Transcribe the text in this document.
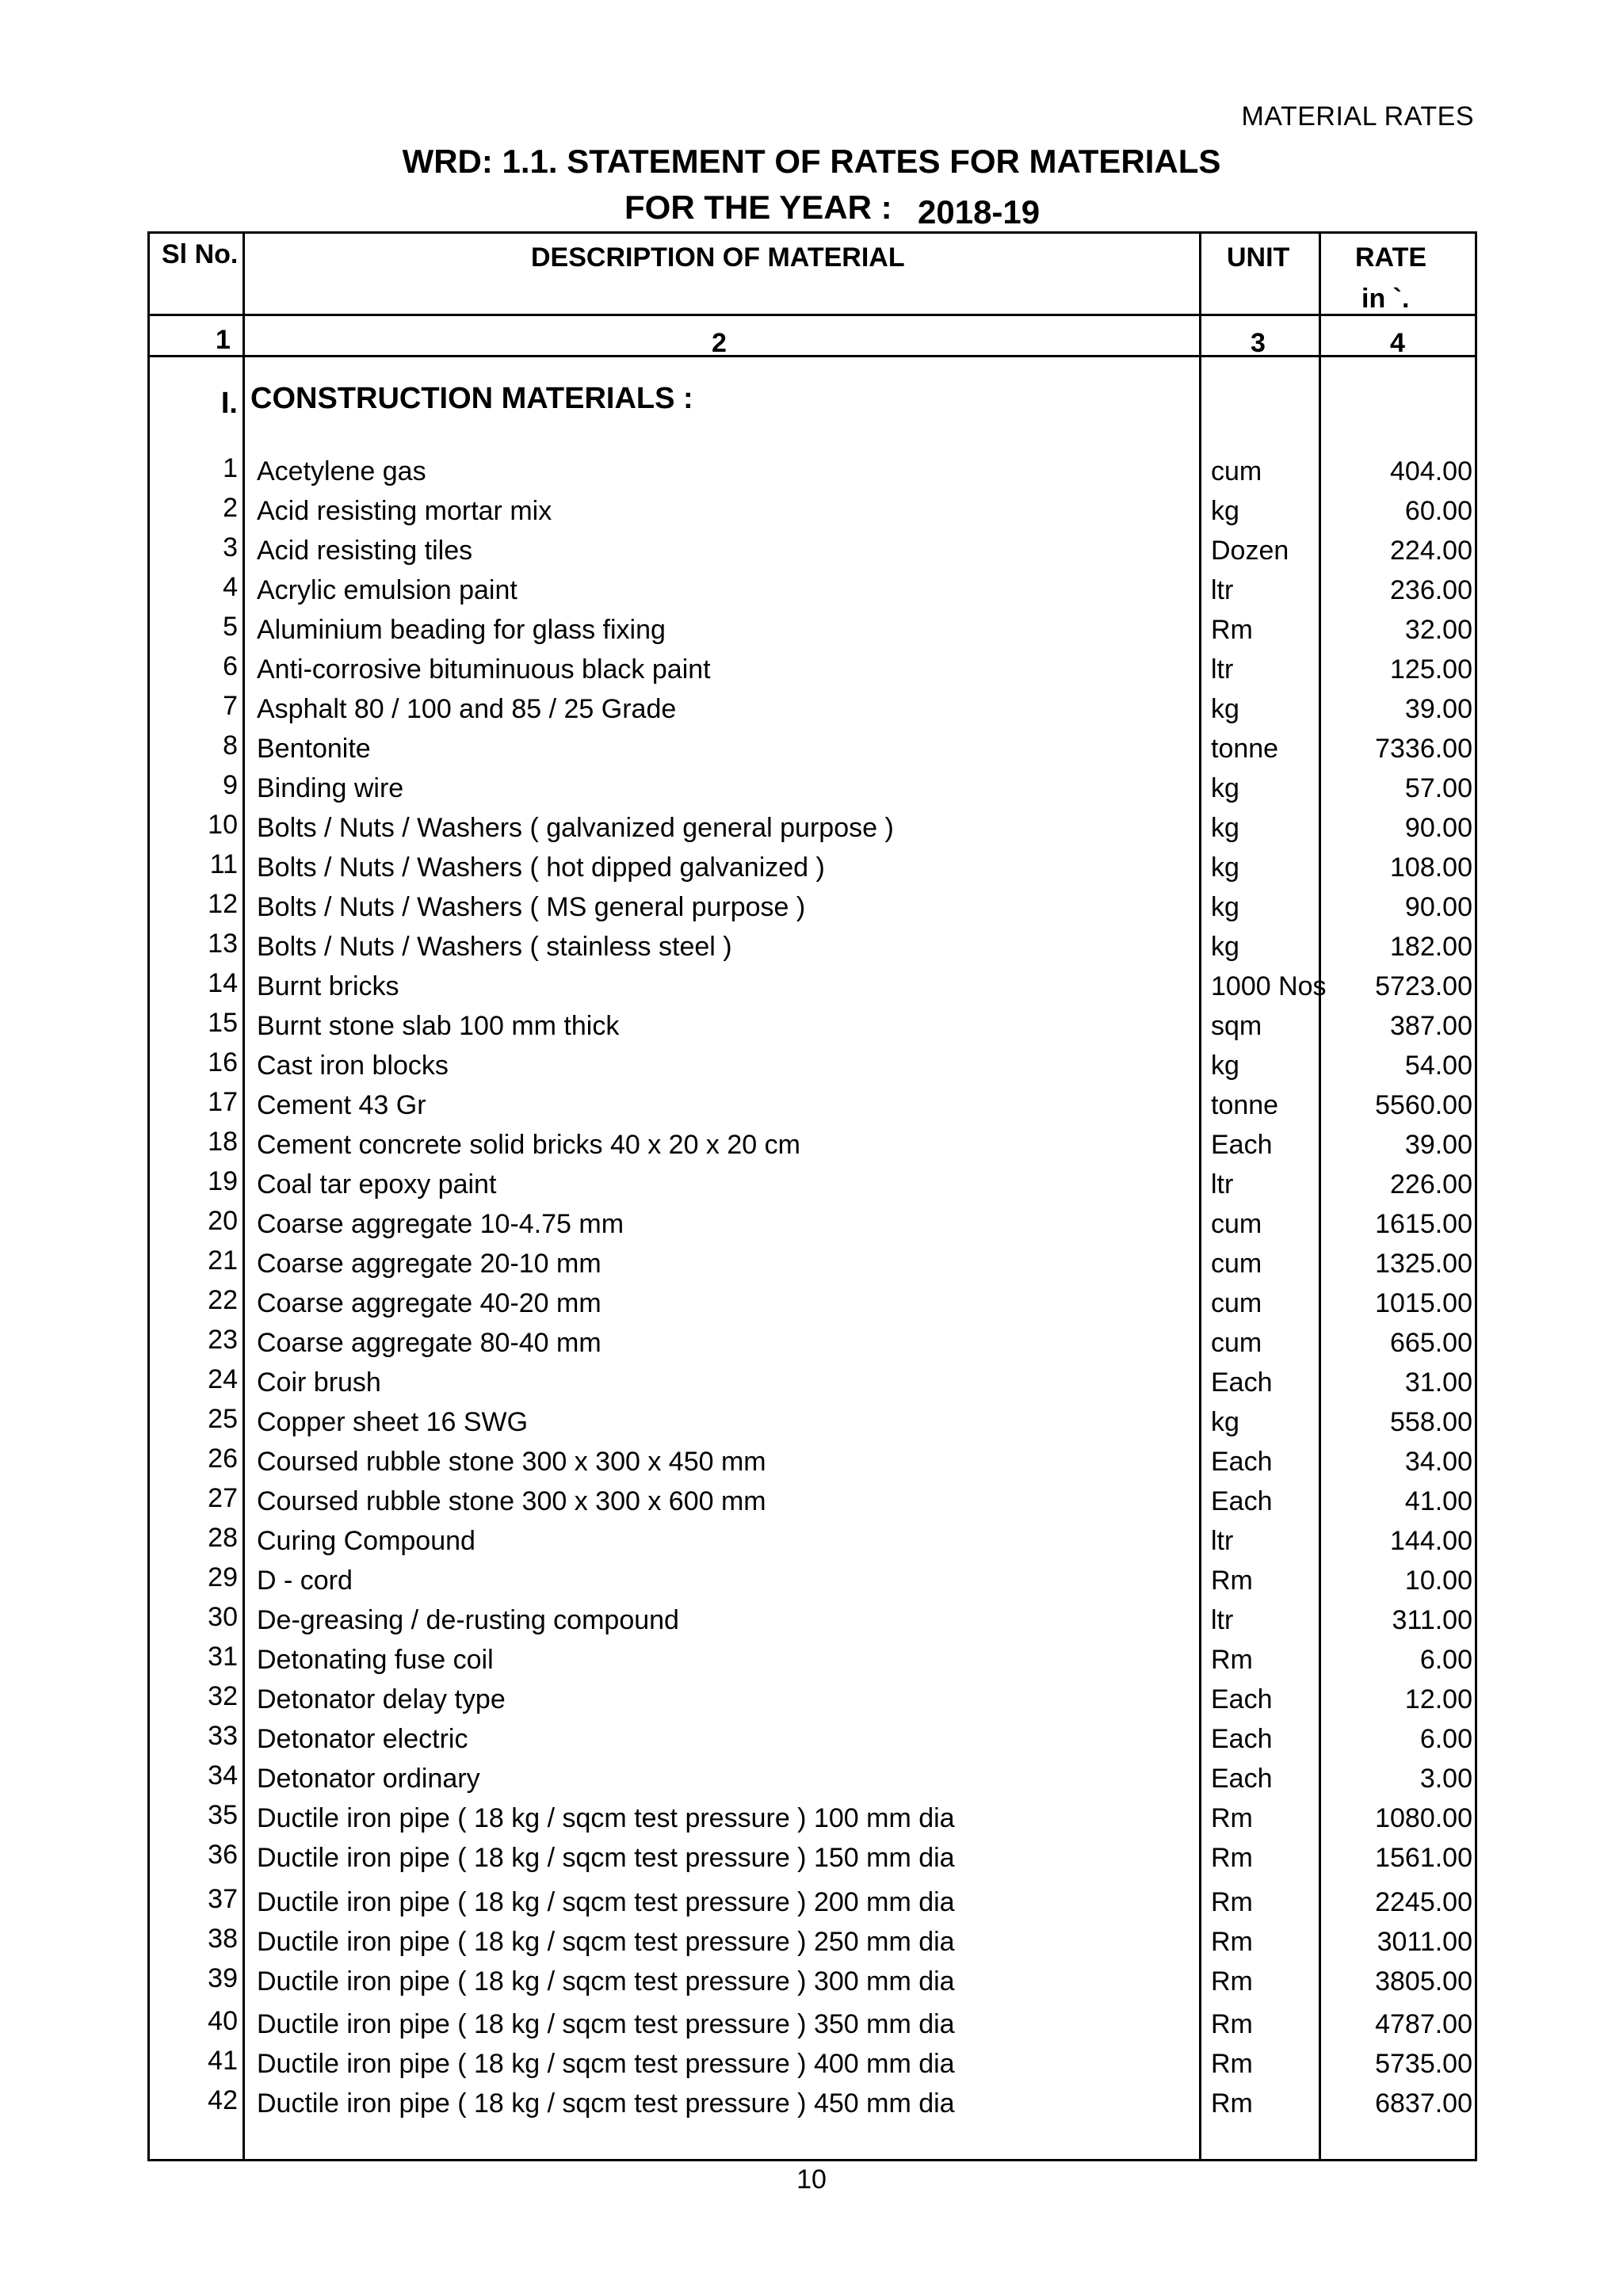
MATERIAL RATES
WRD: 1.1. STATEMENT OF RATES FOR MATERIALS
FOR THE YEAR : 2018-19
Sl No.	DESCRIPTION OF MATERIAL	UNIT RATE
in `.
1	2	3	4
I. CONSTRUCTION MATERIALS :
1 Acetylene gas	cum	404.00
2 Acid resisting mortar mix	kg	60.00
3 Acid resisting tiles	Dozen	224.00
4 Acrylic emulsion paint	ltr	236.00
5 Aluminium beading for glass fixing	Rm	32.00
6 Anti-corrosive bituminuous black paint	ltr	125.00
7 Asphalt 80 / 100 and 85 / 25 Grade	kg	39.00
8 Bentonite	tonne	7336.00
9 Binding wire	kg	57.00
10 Bolts / Nuts / Washers ( galvanized general purpose )	kg	90.00
11 Bolts / Nuts / Washers ( hot dipped galvanized )	kg	108.00
12 Bolts / Nuts / Washers ( MS general purpose )	kg	90.00
13 Bolts / Nuts / Washers ( stainless steel )	kg	182.00
14 Burnt bricks	1000 Nos 5723.00
15 Burnt stone slab 100 mm thick	sqm	387.00
16 Cast iron blocks	kg	54.00
17 Cement 43 Gr	tonne	5560.00
18 Cement concrete solid bricks 40 x 20 x 20 cm	Each	39.00
19 Coal tar epoxy paint	ltr	226.00
20 Coarse aggregate 10-4.75 mm	cum	1615.00
21 Coarse aggregate 20-10 mm	cum	1325.00
22 Coarse aggregate 40-20 mm	cum	1015.00
23 Coarse aggregate 80-40 mm	cum	665.00
24 Coir brush	Each	31.00
25 Copper sheet 16 SWG	kg	558.00
26 Coursed rubble stone 300 x 300 x 450 mm	Each	34.00
27 Coursed rubble stone 300 x 300 x 600 mm	Each	41.00
28 Curing Compound	ltr	144.00
29 D - cord	Rm	10.00
30 De-greasing / de-rusting compound	ltr	311.00
31 Detonating fuse coil	Rm	6.00
32 Detonator delay type	Each	12.00
33 Detonator electric	Each	6.00
34 Detonator ordinary	Each	3.00
35 Ductile iron pipe ( 18 kg / sqcm test pressure ) 100 mm dia	Rm	1080.00
36 Ductile iron pipe ( 18 kg / sqcm test pressure ) 150 mm dia	Rm	1561.00
37 Ductile iron pipe ( 18 kg / sqcm test pressure ) 200 mm dia	Rm	2245.00
38 Ductile iron pipe ( 18 kg / sqcm test pressure ) 250 mm dia	Rm	3011.00
39 Ductile iron pipe ( 18 kg / sqcm test pressure ) 300 mm dia	Rm	3805.00
40 Ductile iron pipe ( 18 kg / sqcm test pressure ) 350 mm dia	Rm	4787.00
41 Ductile iron pipe ( 18 kg / sqcm test pressure ) 400 mm dia	Rm	5735.00
42 Ductile iron pipe ( 18 kg / sqcm test pressure ) 450 mm dia	Rm	6837.00
10
